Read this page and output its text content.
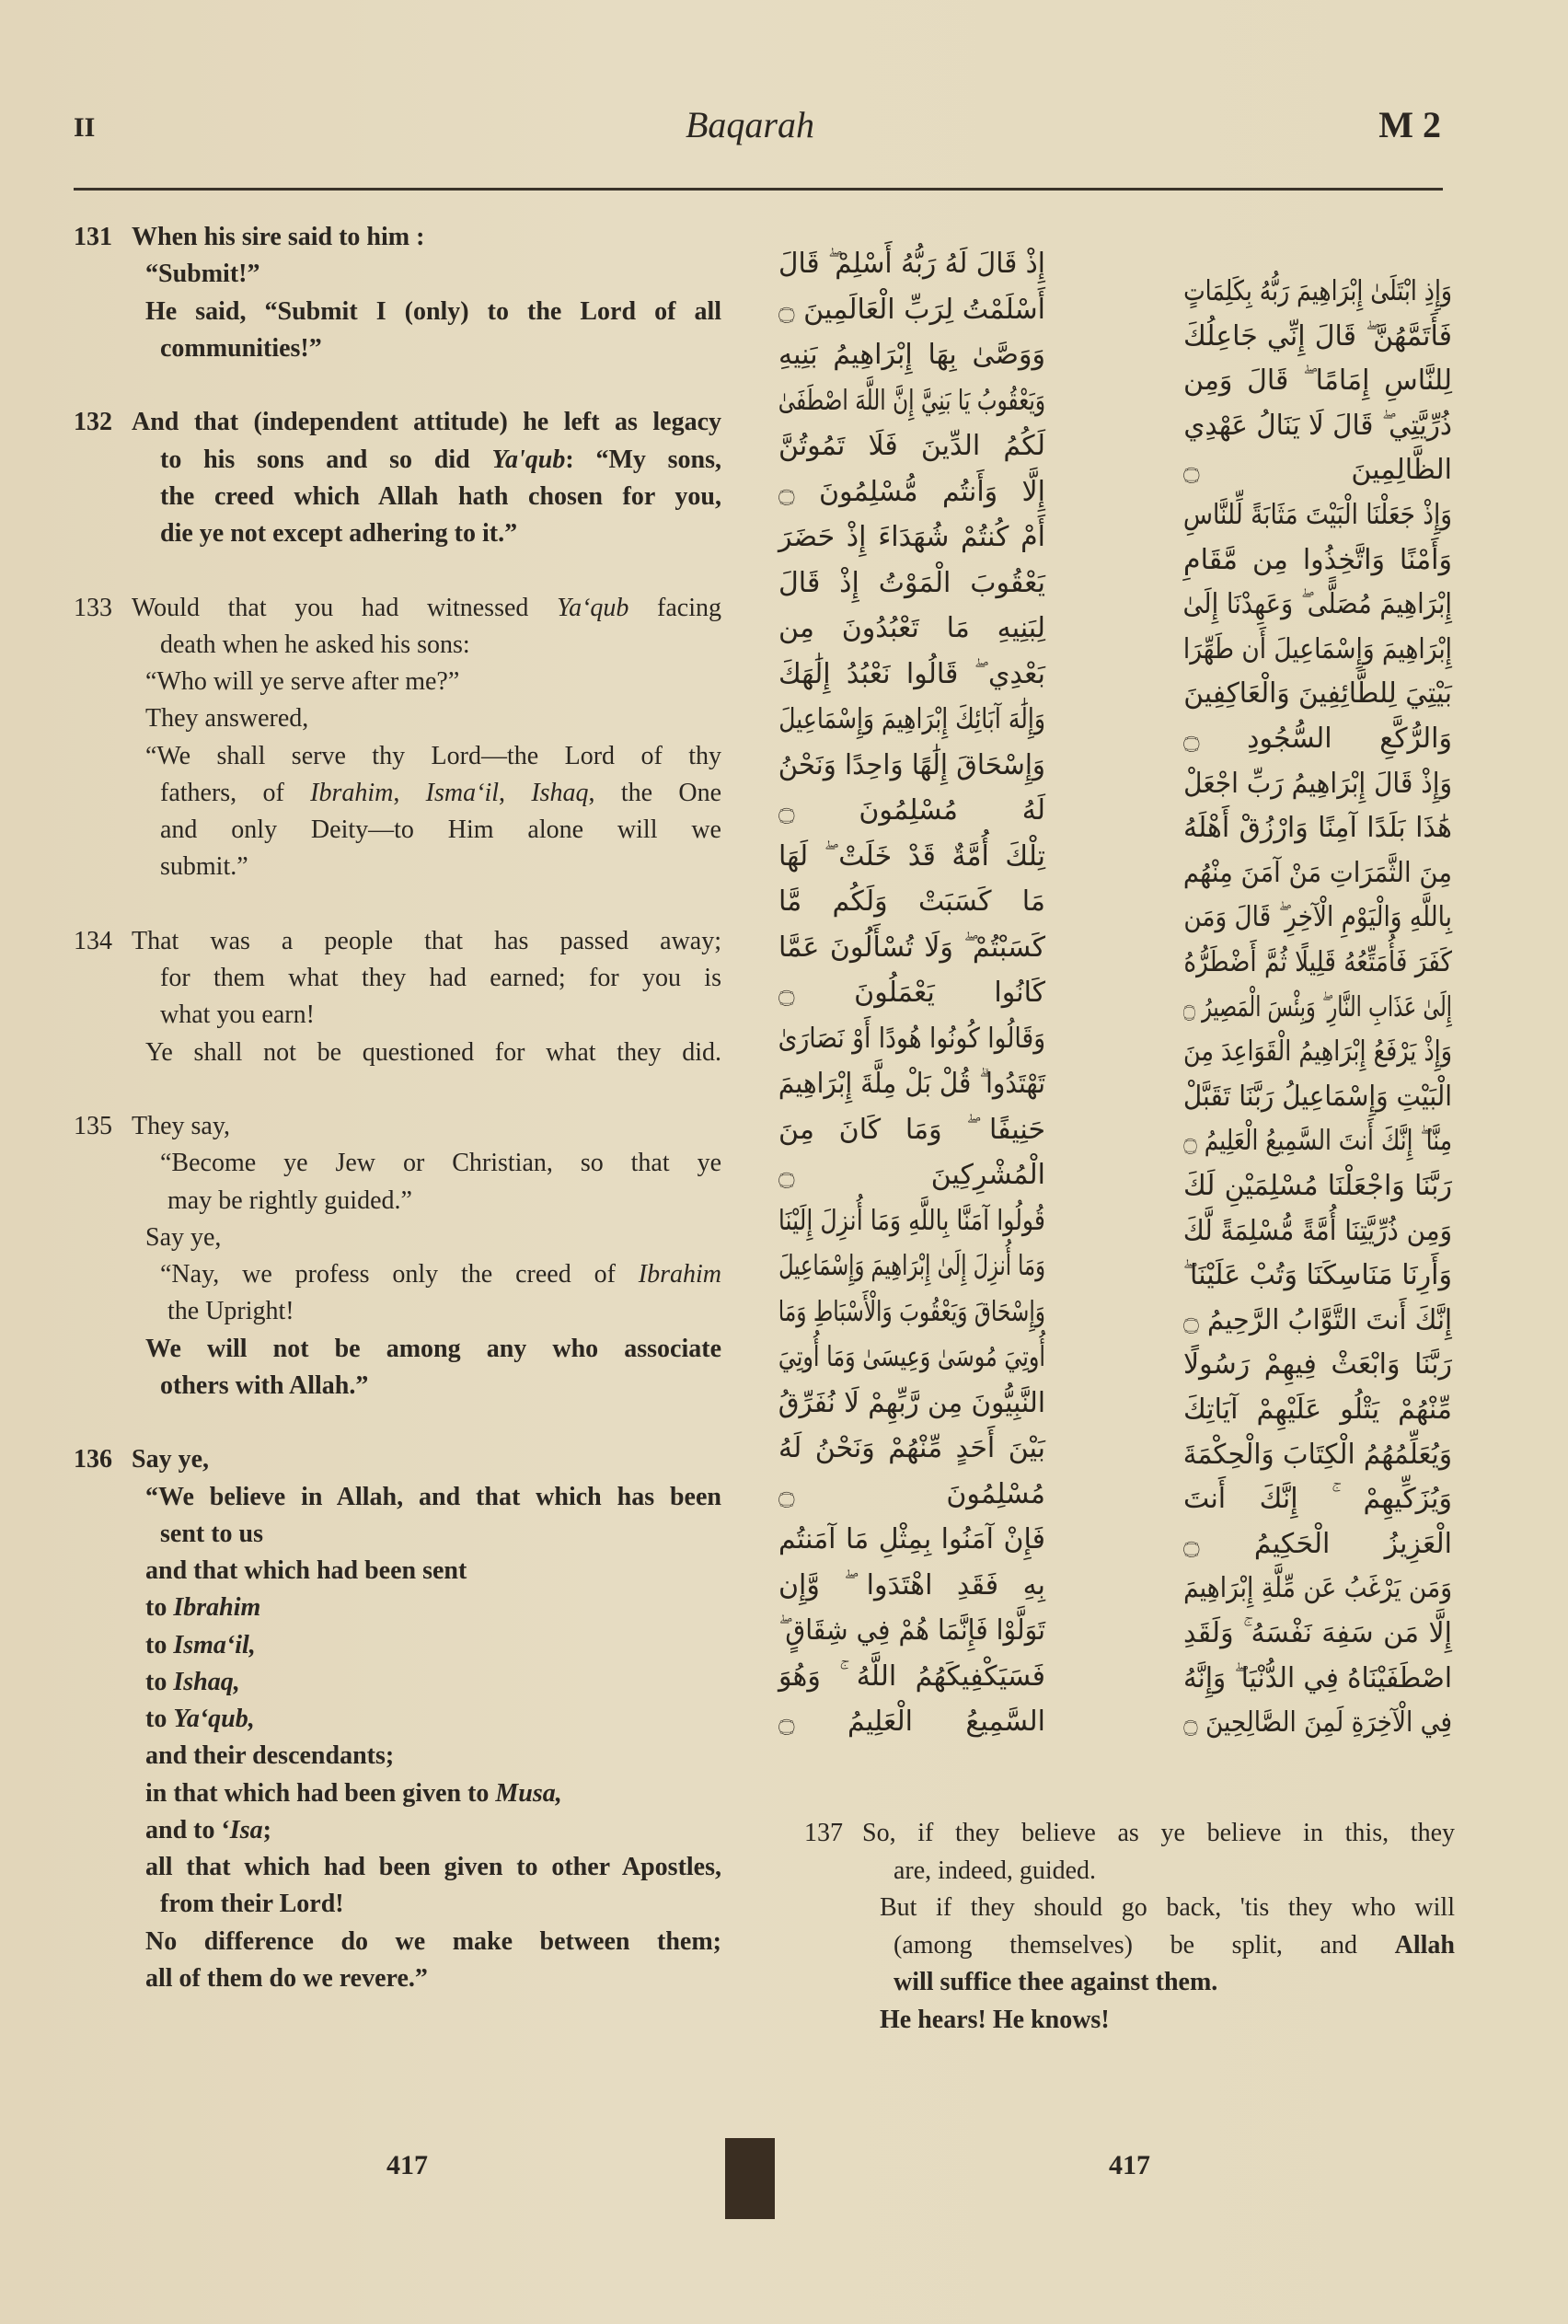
II	Baqarah	M 2
417	417
131 When his sire said to him :
“Submit!”
He said, “Submit I (only) to the Lord of all
communities!”
132 And that (independent attitude) he left as legacy
to his sons and so did Ya'qub: “My sons,
the creed which Allah hath chosen for you,
die ye not except adhering to it.”
133 Would that you had witnessed Ya‘qub facing
death when he asked his sons:
“Who will ye serve after me?”
They answered,
“We shall serve thy Lord—the Lord of thy
fathers, of Ibrahim, Isma‘il, Ishaq, the One
and only Deity—to Him alone will we
submit.”
134 That was a people that has passed away;
for them what they had earned; for you is
what you earn!
Ye shall not be questioned for what they did.
135 They say,
“Become ye Jew or Christian, so that ye
may be rightly guided.”
Say ye,
“Nay, we profess only the creed of Ibrahim
the Upright!
We will not be among any who associate
others with Allah.”
136 Say ye,
“We believe in Allah, and that which has been
sent to us
and that which had been sent
to Ibrahim
to Isma‘il,
to Ishaq,
to Ya‘qub,
and their descendants;
in that which had been given to Musa,
and to ‘Isa;
all that which had been given to other Apostles,
from their Lord!
No difference do we make between them;
all of them do we revere.”
137 So, if they believe as ye believe in this, they
are, indeed, guided.
But if they should go back, 'tis they who will
(among themselves) be split, and Allah
will suffice thee against them.
He hears! He knows!
إِذْ قَالَ لَهُ رَبُّهُ أَسْلِمْ ۖ قَالَ
أَسْلَمْتُ لِرَبِّ الْعَالَمِينَ ۝
وَوَصَّىٰ بِهَا إِبْرَاهِيمُ بَنِيهِ
وَيَعْقُوبُ يَا بَنِيَّ إِنَّ اللَّهَ اصْطَفَىٰ
لَكُمُ الدِّينَ فَلَا تَمُوتُنَّ
إِلَّا وَأَنتُم مُّسْلِمُونَ ۝
أَمْ كُنتُمْ شُهَدَاءَ إِذْ حَضَرَ
يَعْقُوبَ الْمَوْتُ إِذْ قَالَ
لِبَنِيهِ مَا تَعْبُدُونَ مِن
بَعْدِي ۖ قَالُوا نَعْبُدُ إِلَٰهَكَ
وَإِلَٰهَ آبَائِكَ إِبْرَاهِيمَ وَإِسْمَاعِيلَ
وَإِسْحَاقَ إِلَٰهًا وَاحِدًا وَنَحْنُ
لَهُ مُسْلِمُونَ ۝
تِلْكَ أُمَّةٌ قَدْ خَلَتْ ۖ لَهَا
مَا كَسَبَتْ وَلَكُم مَّا
كَسَبْتُمْ ۖ وَلَا تُسْأَلُونَ عَمَّا
كَانُوا يَعْمَلُونَ ۝
وَقَالُوا كُونُوا هُودًا أَوْ نَصَارَىٰ
تَهْتَدُوا ۗ قُلْ بَلْ مِلَّةَ إِبْرَاهِيمَ
حَنِيفًا ۖ وَمَا كَانَ مِنَ
الْمُشْرِكِينَ ۝
قُولُوا آمَنَّا بِاللَّهِ وَمَا أُنزِلَ إِلَيْنَا
وَمَا أُنزِلَ إِلَىٰ إِبْرَاهِيمَ وَإِسْمَاعِيلَ
وَإِسْحَاقَ وَيَعْقُوبَ وَالْأَسْبَاطِ وَمَا
أُوتِيَ مُوسَىٰ وَعِيسَىٰ وَمَا أُوتِيَ
النَّبِيُّونَ مِن رَّبِّهِمْ لَا نُفَرِّقُ
بَيْنَ أَحَدٍ مِّنْهُمْ وَنَحْنُ لَهُ
مُسْلِمُونَ ۝
فَإِنْ آمَنُوا بِمِثْلِ مَا آمَنتُم
بِهِ فَقَدِ اهْتَدَوا ۖ وَّإِن
تَوَلَّوْا فَإِنَّمَا هُمْ فِي شِقَاقٍ ۖ
فَسَيَكْفِيكَهُمُ اللَّهُ ۚ وَهُوَ
السَّمِيعُ الْعَلِيمُ ۝
وَإِذِ ابْتَلَىٰ إِبْرَاهِيمَ رَبُّهُ بِكَلِمَاتٍ
فَأَتَمَّهُنَّ ۖ قَالَ إِنِّي جَاعِلُكَ
لِلنَّاسِ إِمَامًا ۖ قَالَ وَمِن
ذُرِّيَّتِي ۖ قَالَ لَا يَنَالُ عَهْدِي
الظَّالِمِينَ ۝
وَإِذْ جَعَلْنَا الْبَيْتَ مَثَابَةً لِّلنَّاسِ
وَأَمْنًا وَاتَّخِذُوا مِن مَّقَامِ
إِبْرَاهِيمَ مُصَلًّى ۖ وَعَهِدْنَا إِلَىٰ
إِبْرَاهِيمَ وَإِسْمَاعِيلَ أَن طَهِّرَا
بَيْتِيَ لِلطَّائِفِينَ وَالْعَاكِفِينَ
وَالرُّكَّعِ السُّجُودِ ۝
وَإِذْ قَالَ إِبْرَاهِيمُ رَبِّ اجْعَلْ
هَٰذَا بَلَدًا آمِنًا وَارْزُقْ أَهْلَهُ
مِنَ الثَّمَرَاتِ مَنْ آمَنَ مِنْهُم
بِاللَّهِ وَالْيَوْمِ الْآخِرِ ۖ قَالَ وَمَن
كَفَرَ فَأُمَتِّعُهُ قَلِيلًا ثُمَّ أَضْطَرُّهُ
إِلَىٰ عَذَابِ النَّارِ ۖ وَبِئْسَ الْمَصِيرُ ۝
وَإِذْ يَرْفَعُ إِبْرَاهِيمُ الْقَوَاعِدَ مِنَ
الْبَيْتِ وَإِسْمَاعِيلُ رَبَّنَا تَقَبَّلْ
مِنَّا ۖ إِنَّكَ أَنتَ السَّمِيعُ الْعَلِيمُ ۝
رَبَّنَا وَاجْعَلْنَا مُسْلِمَيْنِ لَكَ
وَمِن ذُرِّيَّتِنَا أُمَّةً مُّسْلِمَةً لَّكَ
وَأَرِنَا مَنَاسِكَنَا وَتُبْ عَلَيْنَا ۖ
إِنَّكَ أَنتَ التَّوَّابُ الرَّحِيمُ ۝
رَبَّنَا وَابْعَثْ فِيهِمْ رَسُولًا
مِّنْهُمْ يَتْلُو عَلَيْهِمْ آيَاتِكَ
وَيُعَلِّمُهُمُ الْكِتَابَ وَالْحِكْمَةَ
وَيُزَكِّيهِمْ ۚ إِنَّكَ أَنتَ
الْعَزِيزُ الْحَكِيمُ ۝
وَمَن يَرْغَبُ عَن مِّلَّةِ إِبْرَاهِيمَ
إِلَّا مَن سَفِهَ نَفْسَهُ ۚ وَلَقَدِ
اصْطَفَيْنَاهُ فِي الدُّنْيَا ۖ وَإِنَّهُ
فِي الْآخِرَةِ لَمِنَ الصَّالِحِينَ ۝
